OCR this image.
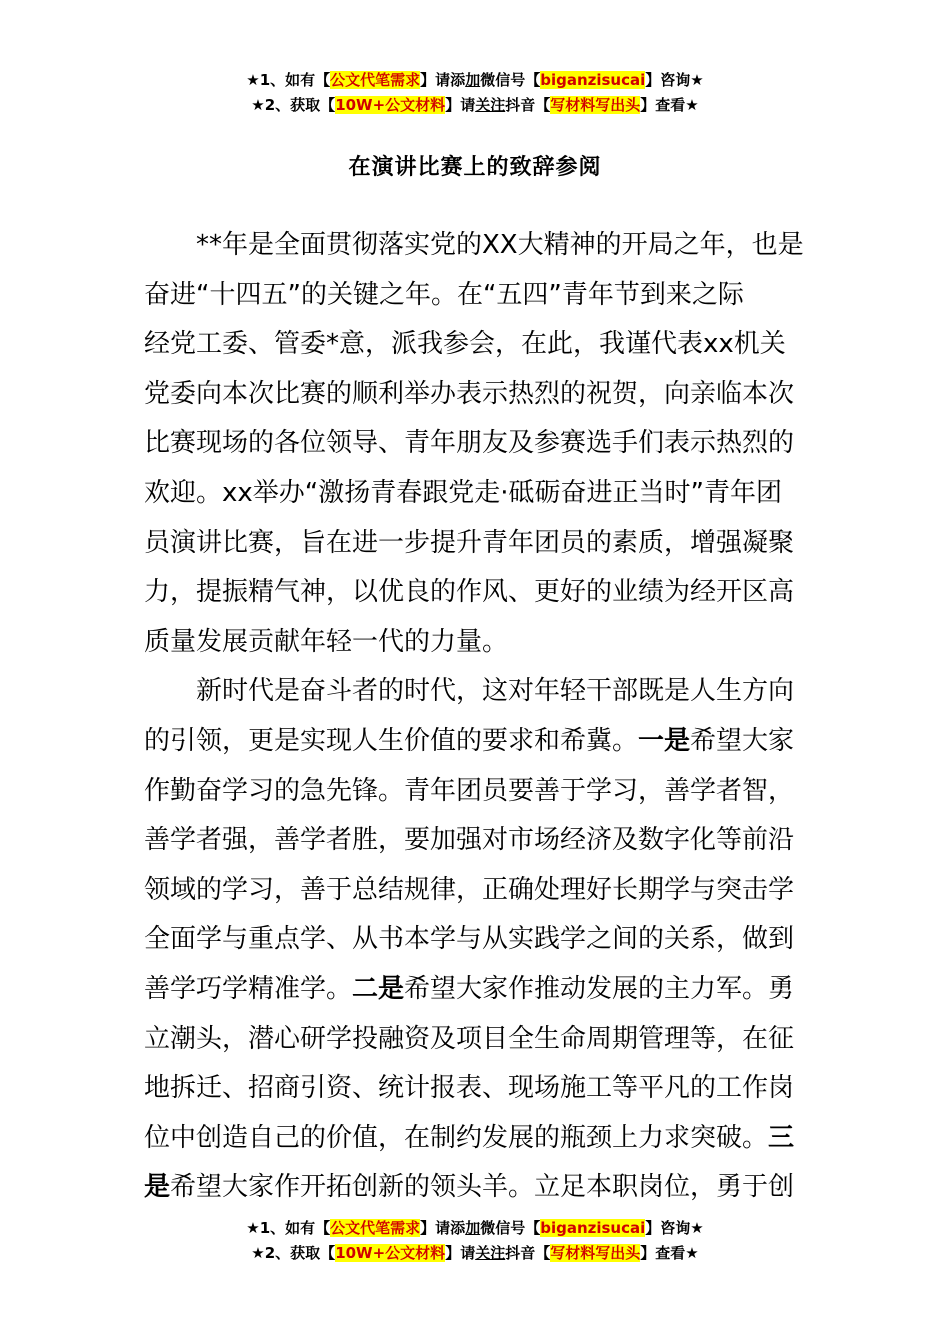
★1、如有【公文代笔需求】请添加微信号【biganzisucai】咨询★
★2、获取【10W+公文材料】请关注抖音【写材料写出头】查看★
在演讲比赛上的致辞参阅
**年是全面贯彻落实党的XX大精神的开局之年，也是
奋进“十四五”的关键之年。在“五四”青年节到来之际
经党工委、管委*意，派我参会，在此，我谨代表xx机关
党委向本次比赛的顺利举办表示热烈的祝贺，向亲临本次
比赛现场的各位领导、青年朋友及参赛选手们表示热烈的
欢迎。xx举办“激扬青春跟党走·砥砺奋进正当时”青年团
员演讲比赛，旨在进一步提升青年团员的素质，增强凝聚
力，提振精气神，以优良的作风、更好的业绩为经开区高
质量发展贡献年轻一代的力量。
新时代是奋斗者的时代，这对年轻干部既是人生方向
的引领，更是实现人生价值的要求和希冀。一是希望大家
作勤奋学习的急先锋。青年团员要善于学习，善学者智，
善学者强，善学者胜，要加强对市场经济及数字化等前沿
领域的学习，善于总结规律，正确处理好长期学与突击学
全面学与重点学、从书本学与从实践学之间的关系，做到
善学巧学精准学。二是希望大家作推动发展的主力军。勇
立潮头，潜心研学投融资及项目全生命周期管理等，在征
地拆迁、招商引资、统计报表、现场施工等平凡的工作岗
位中创造自己的价值，在制约发展的瓶颈上力求突破。三
是希望大家作开拓创新的领头羊。立足本职岗位，勇于创
★1、如有【公文代笔需求】请添加微信号【biganzisucai】咨询★
★2、获取【10W+公文材料】请关注抖音【写材料写出头】查看★
